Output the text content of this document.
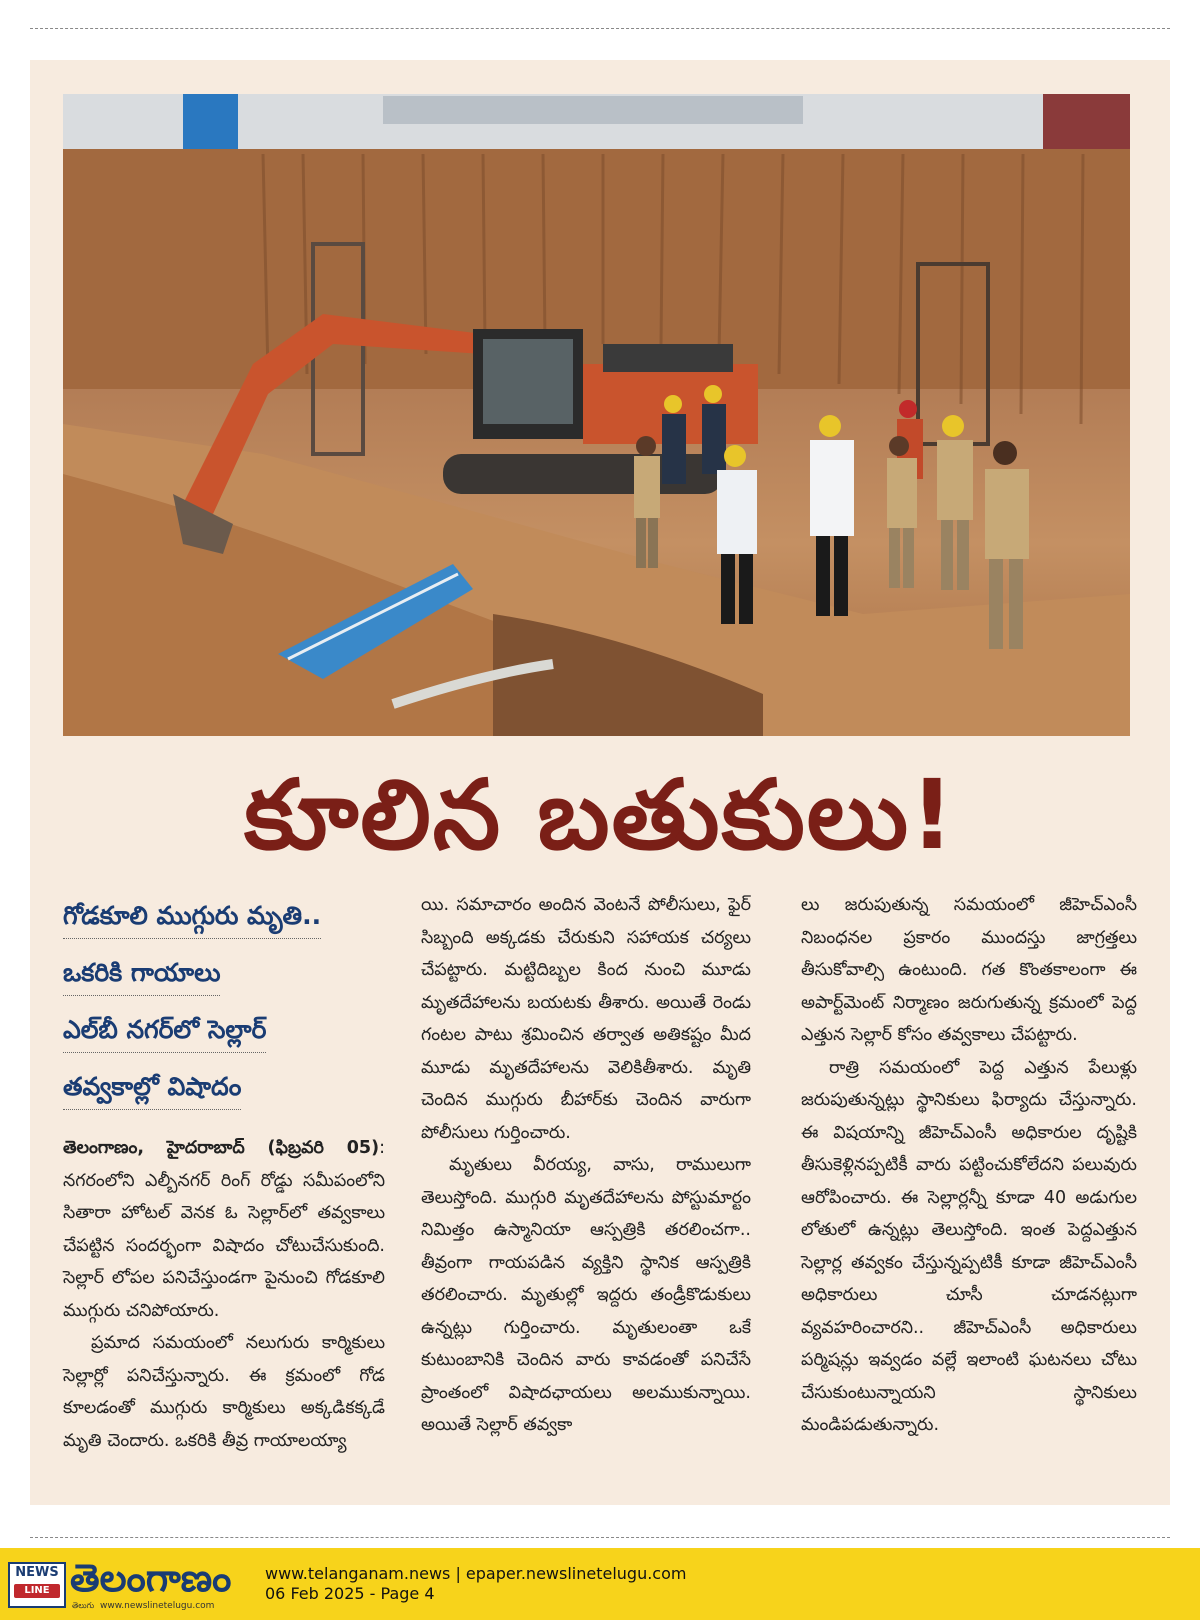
కూలిన బతుకులు!
గోడకూలి ముగ్గురు మృతి..
ఒకరికి గాయాలు
ఎల్‌బీ నగర్‌లో సెల్లార్
తవ్వకాల్లో విషాదం

తెలంగాణం, హైదరాబాద్ (ఫిబ్రవరి 05): నగరంలోని ఎల్బీనగర్ రింగ్ రోడ్డు సమీపంలోని సితారా హోటల్ వెనక ఓ సెల్లార్‌లో తవ్వకాలు చేపట్టిన సందర్భంగా విషాదం చోటుచేసుకుంది. సెల్లార్ లోపల పనిచేస్తుండగా పైనుంచి గోడకూలి ముగ్గురు చనిపోయారు.

ప్రమాద సమయంలో నలుగురు కార్మికులు సెల్లార్లో పనిచేస్తున్నారు. ఈ క్రమంలో గోడ కూలడంతో ముగ్గురు కార్మికులు అక్కడికక్కడే మృతి చెందారు. ఒకరికి తీవ్ర గాయాలయ్యా

యి. సమాచారం అందిన వెంటనే పోలీసులు, ఫైర్ సిబ్బంది అక్కడకు చేరుకుని సహాయక చర్యలు చేపట్టారు. మట్టిదిబ్బల కింద నుంచి మూడు మృతదేహాలను బయటకు తీశారు. అయితే రెండు గంటల పాటు శ్రమించిన తర్వాత అతికష్టం మీద మూడు మృతదేహాలను వెలికితీశారు. మృతి చెందిన ముగ్గురు బీహార్‌కు చెందిన వారుగా పోలీసులు గుర్తించారు.

మృతులు వీరయ్య, వాసు, రాములుగా తెలుస్తోంది. ముగ్గురి మృతదేహాలను పోస్టుమార్టం నిమిత్తం ఉస్మానియా ఆస్పత్రికి తరలించగా.. తీవ్రంగా గాయపడిన వ్యక్తిని స్థానిక ఆస్పత్రికి తరలించారు. మృతుల్లో ఇద్దరు తండ్రీకొడుకులు ఉన్నట్లు గుర్తించారు. మృతులంతా ఒకే కుటుంబానికి చెందిన వారు కావడంతో పనిచేసే ప్రాంతంలో విషాదఛాయలు అలముకున్నాయి. అయితే సెల్లార్ తవ్వకా

లు జరుపుతున్న సమయంలో జీహెచ్ఎంసీ నిబంధనల ప్రకారం ముందస్తు జాగ్రత్తలు తీసుకోవాల్సి ఉంటుంది. గత కొంతకాలంగా ఈ అపార్ట్‌మెంట్ నిర్మాణం జరుగుతున్న క్రమంలో పెద్ద ఎత్తున సెల్లార్ కోసం తవ్వకాలు చేపట్టారు.

రాత్రి సమయంలో పెద్ద ఎత్తున పేలుళ్లు జరుపుతున్నట్లు స్థానికులు ఫిర్యాదు చేస్తున్నారు. ఈ విషయాన్ని జీహెచ్ఎంసీ అధికారుల దృష్టికి తీసుకెళ్లినప్పటికీ వారు పట్టించుకోలేదని పలువురు ఆరోపించారు. ఈ సెల్లార్లన్నీ కూడా 40 అడుగుల లోతులో ఉన్నట్లు తెలుస్తోంది. ఇంత పెద్దఎత్తున సెల్లార్ల తవ్వకం చేస్తున్నప్పటికీ కూడా జీహెచ్ఎంసీ అధికారులు చూసీ చూడనట్లుగా వ్యవహరించారని.. జీహెచ్ఎంసీ అధికారులు పర్మిషన్లు ఇవ్వడం వల్లే ఇలాంటి ఘటనలు చోటు చేసుకుంటున్నాయని స్థానికులు మండిపడుతున్నారు.

NEWS
LINE తెలంగాణం
తెలుగు www.newslinetelugu.com
www.telanganam.news | epaper.newslinetelugu.com
06 Feb 2025 - Page 4
